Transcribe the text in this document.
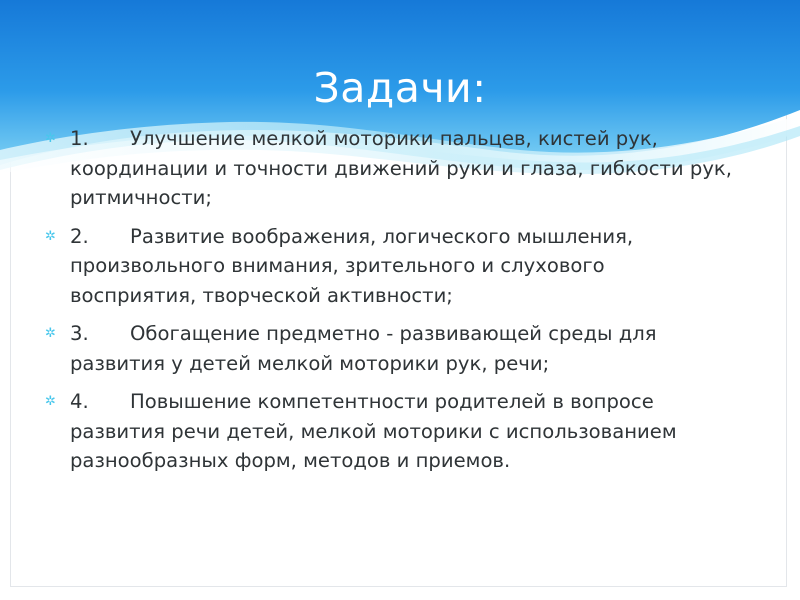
Задачи:
✲ 1. Улучшение мелкой моторики пальцев, кистей рук, координации и точности движений руки и глаза, гибкости рук, ритмичности;
✲ 2. Развитие воображения, логического мышления, произвольного внимания, зрительного и слухового восприятия, творческой активности;
✲ 3. Обогащение предметно - развивающей среды для развития у детей мелкой моторики рук, речи;
✲ 4. Повышение компетентности родителей в вопросе развития речи детей, мелкой моторики с использованием разнообразных форм, методов и приемов.
